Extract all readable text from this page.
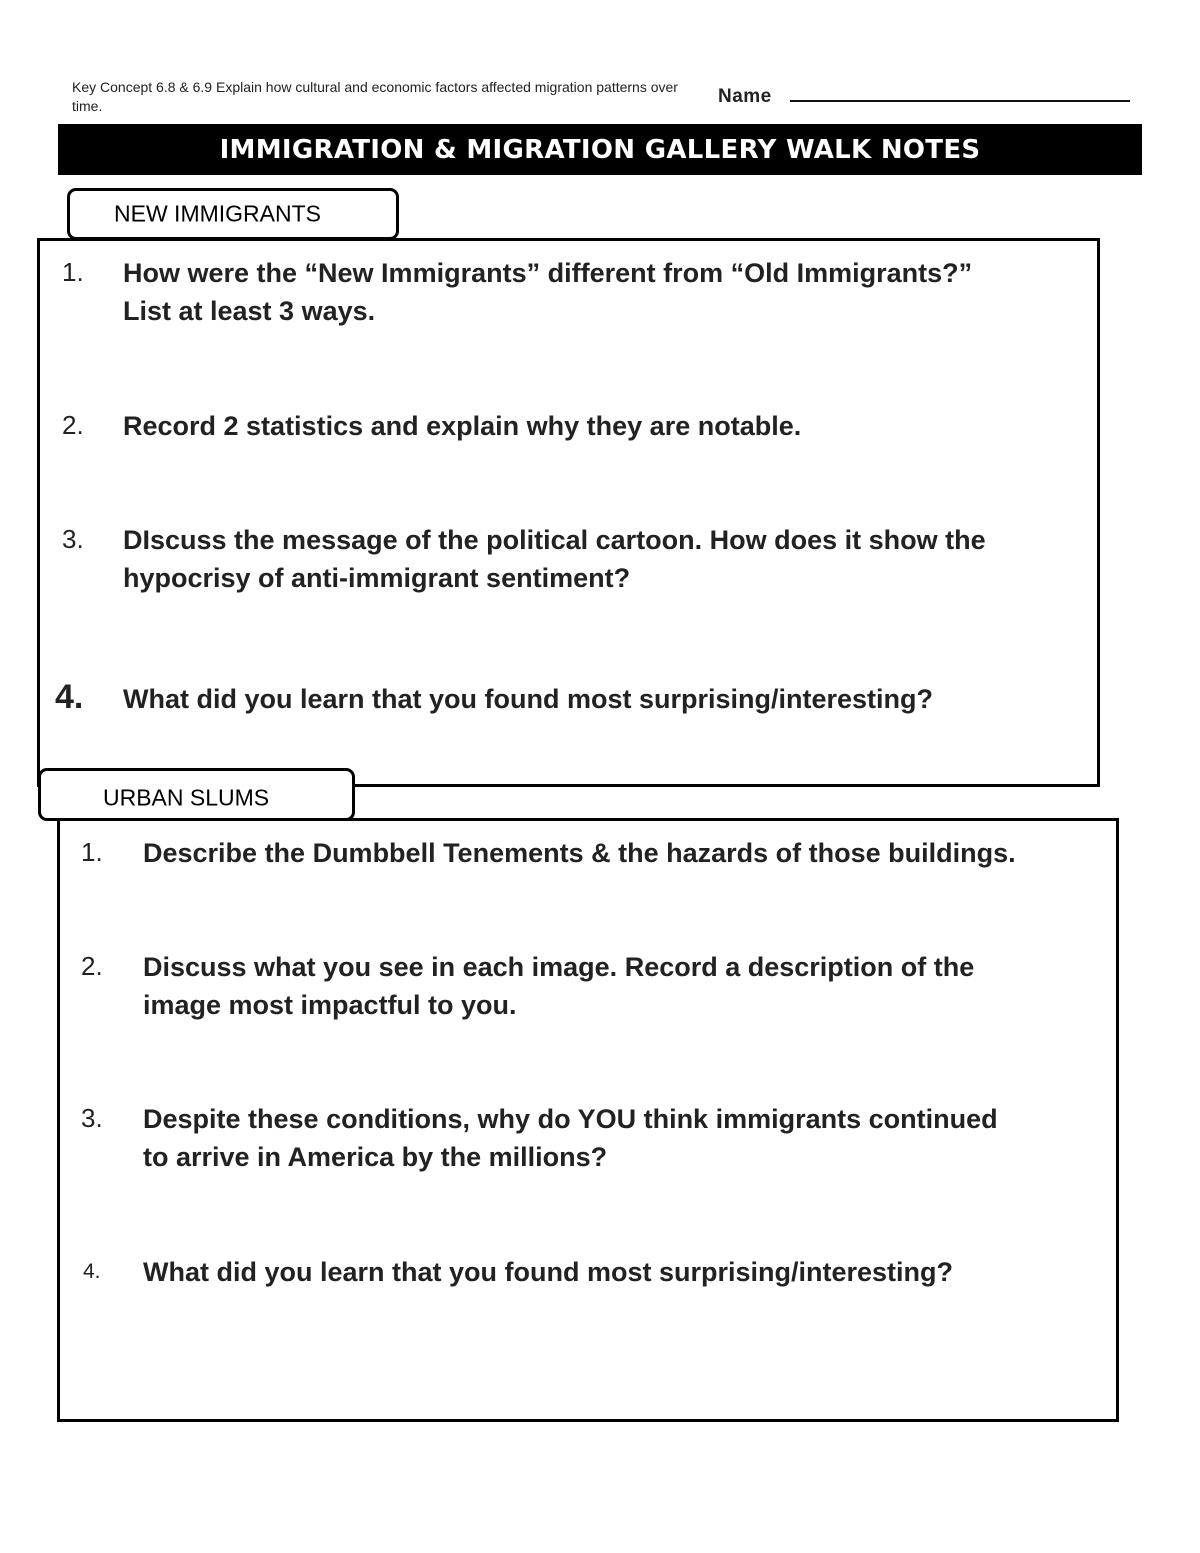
Key Concept 6.8 & 6.9 Explain how cultural and economic factors affected migration patterns over time.	Name
IMMIGRATION & MIGRATION GALLERY WALK NOTES
NEW IMMIGRANTS
1. How were the “New Immigrants” different from “Old Immigrants?”
List at least 3 ways.
2. Record 2 statistics and explain why they are notable.
3. DIscuss the message of the political cartoon. How does it show the
hypocrisy of anti-immigrant sentiment?
4. What did you learn that you found most surprising/interesting?
URBAN SLUMS
1. Describe the Dumbbell Tenements & the hazards of those buildings.
2. Discuss what you see in each image. Record a description of the
image most impactful to you.
3. Despite these conditions, why do YOU think immigrants continued
to arrive in America by the millions?
4. What did you learn that you found most surprising/interesting?
